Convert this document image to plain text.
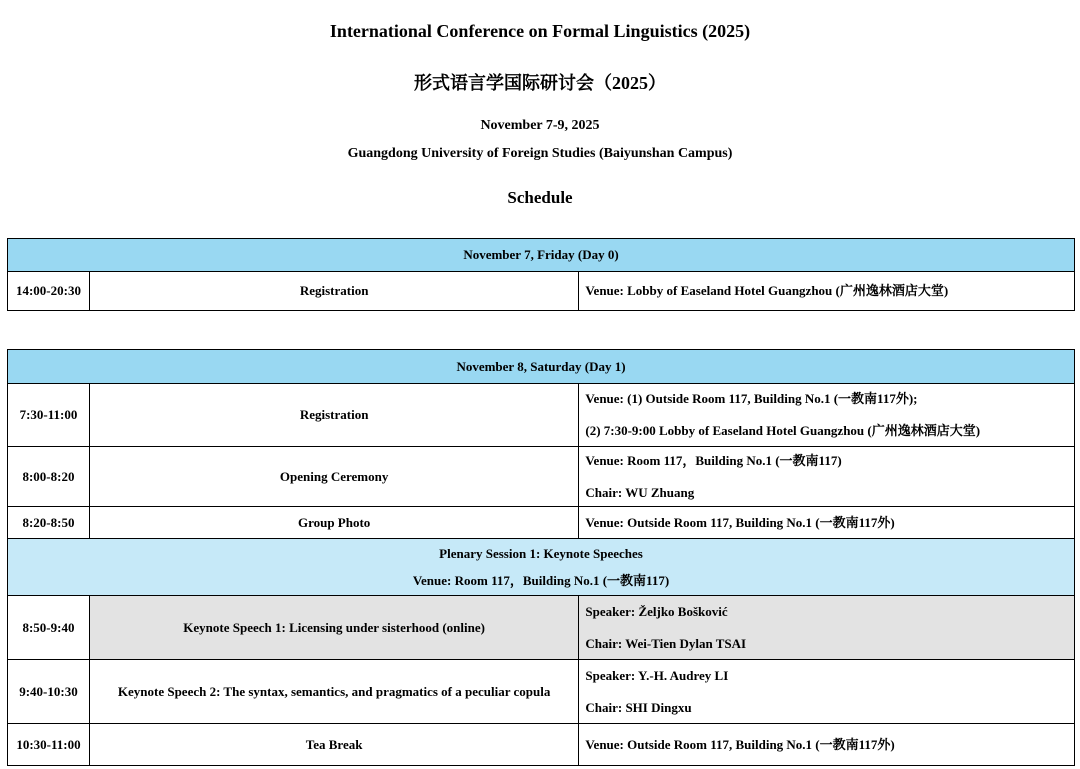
International Conference on Formal Linguistics (2025)
形式语言学国际研讨会（2025）
November 7-9, 2025
Guangdong University of Foreign Studies (Baiyunshan Campus)
Schedule
November 7, Friday (Day 0)
14:00-20:30	Registration	Venue: Lobby of Easeland Hotel Guangzhou (广州逸林酒店大堂)
November 8, Saturday (Day 1)		
7:30-11:00	Registration	Venue: (1) Outside Room 117, Building No.1 (一教南117外);
(2) 7:30-9:00 Lobby of Easeland Hotel Guangzhou (广州逸林酒店大堂)

8:00-8:20	Opening Ceremony	Venue: Room 117，Building No.1 (一教南117)
Chair: WU Zhuang

8:20-8:50	Group Photo	Venue: Outside Room 117, Building No.1 (一教南117外)

Plenary Session 1: Keynote Speeches
Venue: Room 117，Building No.1 (一教南117)		

8:50-9:40	Keynote Speech 1: Licensing under sisterhood (online)	Speaker: Željko Bošković
Chair: Wei-Tien Dylan TSAI

9:40-10:30	Keynote Speech 2: The syntax, semantics, and pragmatics of a peculiar copula	Speaker: Y.-H. Audrey LI
Chair: SHI Dingxu

10:30-11:00	Tea Break	Venue: Outside Room 117, Building No.1 (一教南117外)
